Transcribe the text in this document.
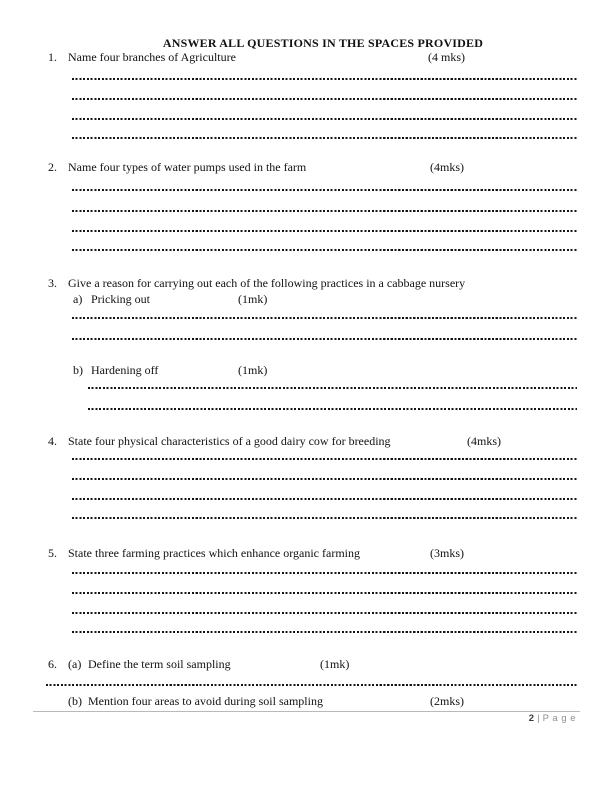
ANSWER ALL QUESTIONS IN THE SPACES PROVIDED
1. Name four branches of Agriculture	(4 mks)
2. Name four types of water pumps used in the farm	(4mks)
3. Give a reason for carrying out each of the following practices in a cabbage nursery
a) Pricking out	(1mk)
b) Hardening off	(1mk)
4. State four physical characteristics of a good dairy cow for breeding	(4mks)
5. State three farming practices which enhance organic farming	(3mks)
6. (a) Define the term soil sampling	(1mk)
(b) Mention four areas to avoid during soil sampling	(2mks)
2 | P a g e
